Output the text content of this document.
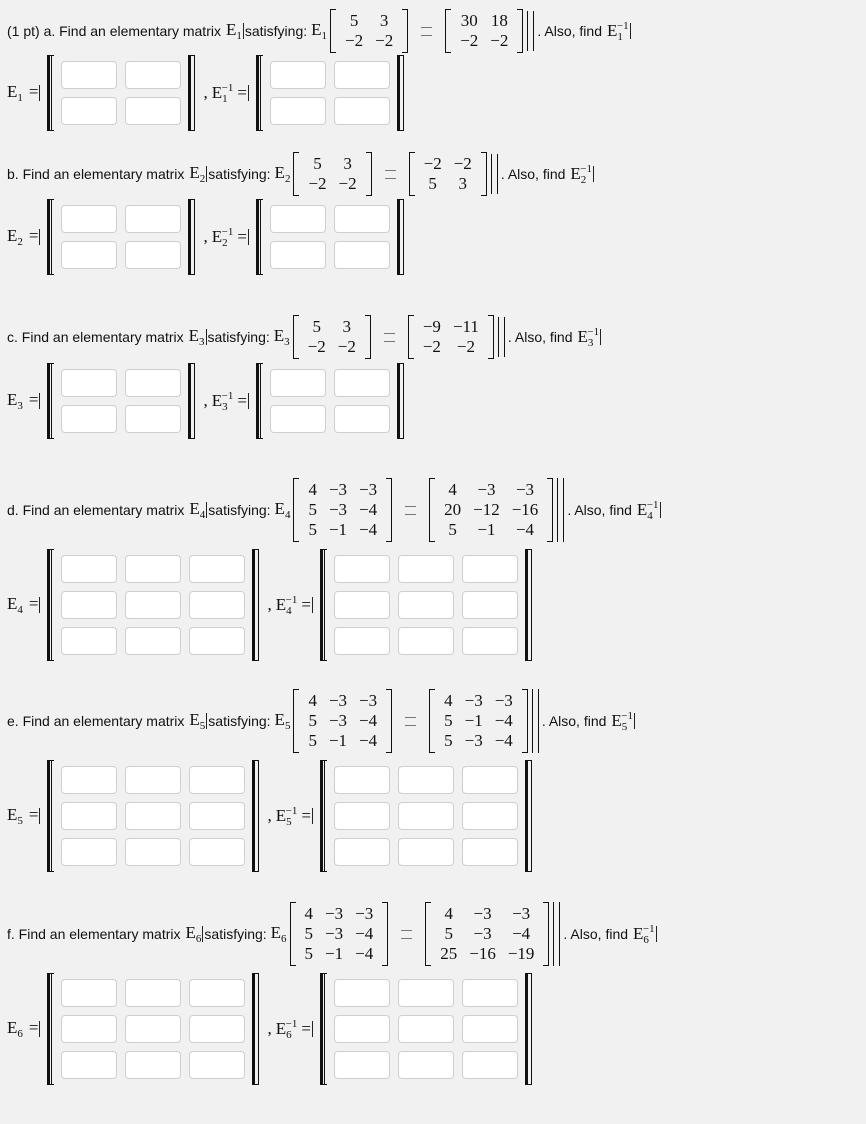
(1 pt) a. Find an elementary matrix $E_1$ satisfying: $E_1$
5	3
−2 −2
30 18
−2 −2	. Also, find $E_1^{-1}$
$E_1$ =	, $E_1^{-1}$ =
b. Find an elementary matrix $E_2$ satisfying: $E_2$
5	3
−2 −2
−2 −2
5	3	. Also, find $E_2^{-1}$
$E_2$ =	, $E_2^{-1}$ =
c. Find an elementary matrix $E_3$ satisfying: $E_3$
5	3
−2 −2
−9 −11
−2 −2	. Also, find $E_3^{-1}$
$E_3$ =	, $E_3^{-1}$ =
d. Find an elementary matrix $E_4$ satisfying: $E_4$
4 −3 −3
5 −3 −4
5 −1 −4
4	−3	−3
20 −12 −16
5	−1	−4
. Also, find $E_4^{-1}$
$E_4$ =	, $E_4^{-1}$ =
e. Find an elementary matrix $E_5$ satisfying: $E_5$
4 −3 −3
5 −3 −4
5 −1 −4
4 −3 −3
5 −1 −4
5 −3 −4
. Also, find $E_5^{-1}$
$E_5$ =	, $E_5^{-1}$ =
f. Find an elementary matrix $E_6$ satisfying: $E_6$
4 −3 −3
5 −3 −4
5 −1 −4
4	−3	−3
5	−3	−4
25 −16 −19
. Also, find $E_6^{-1}$
$E_6$ =	, $E_6^{-1}$ =
